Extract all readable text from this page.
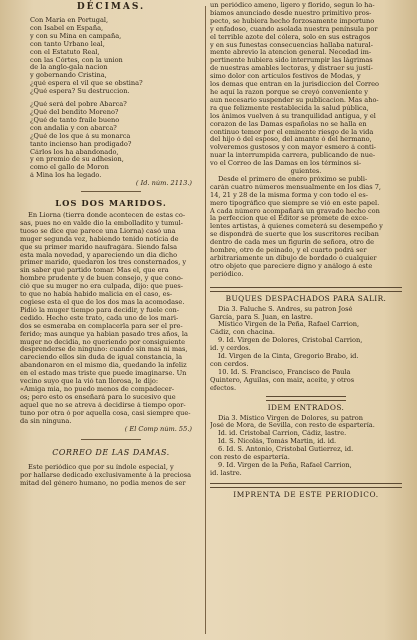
DÉCIMAS.

Con María en Portugal,

con Isabel en España,

y con su Mina en campaña,

con tanto Urbano leal,

con el Estatuto Real,

con las Córtes, con la union

de la anglo-gala nacion

y gobernando Cristina,

¿qué espera el vil que se obstina?

¿Qué espera? Su destruccion.

¿Qué será del pobre Abarca?

¿Qué del bendito Moreno?

¿Qué de tanto fraile bueno

con andalia y con abarca?

¿Qué de los que á su monarca

tanto incienso han prodigado?

Cárlos los ha abandonado,

y en premio de su adhesion,

como el gallo de Moron

á Mina los ha legado.

( Id. núm. 2113.)

LOS DOS MARIDOS.

En Liorna (tierra donde acontecen de estas co-

sas, pues no en valde dio la embolladito y tumul-

tuoso se dice que parece una Liorna) casó una

muger segunda vez, habiendo tenido noticia de

que su primer marido naufragára. Siendo falsa

esta mala novedad, y apareciendo un dia dicho

primer marido, quedaron los tres consternados, y

sin saber qué partido tomar. Mas el, que era

hombre prudente y de buen consejo, y que cono-

ció que su muger no era culpada, dijo: que pues-

to que no había habido malicia en el caso, es-

cogiese esta el que de los dos mas la acomodase.

Pidió la muger tiempo para decidir, y fuele con-

cedido. Hecho este trato, cada uno de los mari-

dos se esmeraba en complacerla para ser el pre-

ferido; mas aunque ya habian pasado tres años, la

muger no decidia, no queriendo por consiguiente

desprenderse de ninguno: cuando sin mas ni mas,

careciendo ellos sin duda de igual constancia, la

abandonaron en el mismo dia, quedando la infeliz

en el estado mas triste que puede imaginarse. Un

vecino suyo que la vió tan llorosa, le dijo:

«Amiga mia, no puedo menos de compadecer-

os; pero esto os enseñará para lo sucesivo que

aquel que no se atreva á decidirse á tiempo opor-

tuno por otra ó por aquella cosa, casi siempre que-

da sin ninguna.

( El Comp núm. 55.)

CORREO DE LAS DAMAS.

Este periódico que por su índole especial, y

por hallarse dedicado exclusivamente á la preciosa

mitad del género humano, no podia menos de ser

un periódico ameno, ligero y florido, segun lo ha-

bíamos anunciado desde nuestro primitivo pros-

pecto, se hubiera hecho forzosamente importuno

y enfadoso, cuando asolada nuestra península por

el terrible azote del cólera, solo en sus estragos

y en sus funestas consecuencias hallaba natural-

mente abrevio la atencion general. Necedad im-

pertinente hubiera sido interrumpir las lágrimas

de nuestras amables lectoras, y distraer su justí-

simo dolor con artículos festivos de Modas, y

los demas que entran en la jurisdiccion del Correo

he aquí la razon porque se creyó conveniente y

aun necesario suspender su publicacion. Mas aho-

ra que felizmente restablecida la salud pública,

los ánimos vuelven á su tranquilidad antigua, y el

corazon de las Damas españolas no se halla en

continuo temor por el eminente riesgo de la vida

del hijo ó del esposo, del amante ó del hermano,

volveremos gustosos y con mayor esmero á conti-

nuar la interrumpida carrera, publicando de nue-

vo el Correo de las Damas en los términos si-

guientes.

Desde el primero de enero próximo se publi-

carán cuatro números mensualmente en los dias 7,

14, 21 y 28 de la misma forma y con todo el es-

mero tipográfico que siempre se vió en este papel.

A cada número acompañará un gravado hecho con

la perfeccion que el Editor se promete de exce-

lentes artistas, á quienes cometerá su desempeño y

se dispondrá de suerte que los suscritores reciban

dentro de cada mes un figurin de señora, otro de

hombre, otro de peinado, y el cuarto podrá ser

arbitrariamente un dibujo de bordado ó cualquier

otro objeto que pareciere digno y análogo á este

periódico.

BUQUES DESPACHADOS PARA SALIR.

Dia 3. Faluche S. Andres, su patron José

García, para S. Juan, en lastre.

Místico Virgen de la Peña, Rafael Carrion,

Cádiz, con chacina.

9. Id. Virgen de Dolores, Cristobal Carrion,

id. y cerdos.

Id. Virgen de la Cinta, Gregorio Brabo, id.

con cerdos.

10. Id. S. Francisco, Francisco de Paula

Quintero, Aguilas, con maiz, aceite, y otros

efectos.

IDEM ENTRADOS.

Dia 3. Místico Virgen de Dolores, su patron

José de Mora, de Sevilla, con resto de espartería.

Id. id. Cristobal Carrion, Cádiz, lastre.

Id. S. Nicolás, Tomás Martin, id. id.

6. Id. S. Antonio, Cristobal Gutierrez, id.

con resto de espartería.

9. Id. Virgen de la Peña, Rafael Carrion,

id. lastre.

IMPRENTA DE ESTE PERIÓDICO.
